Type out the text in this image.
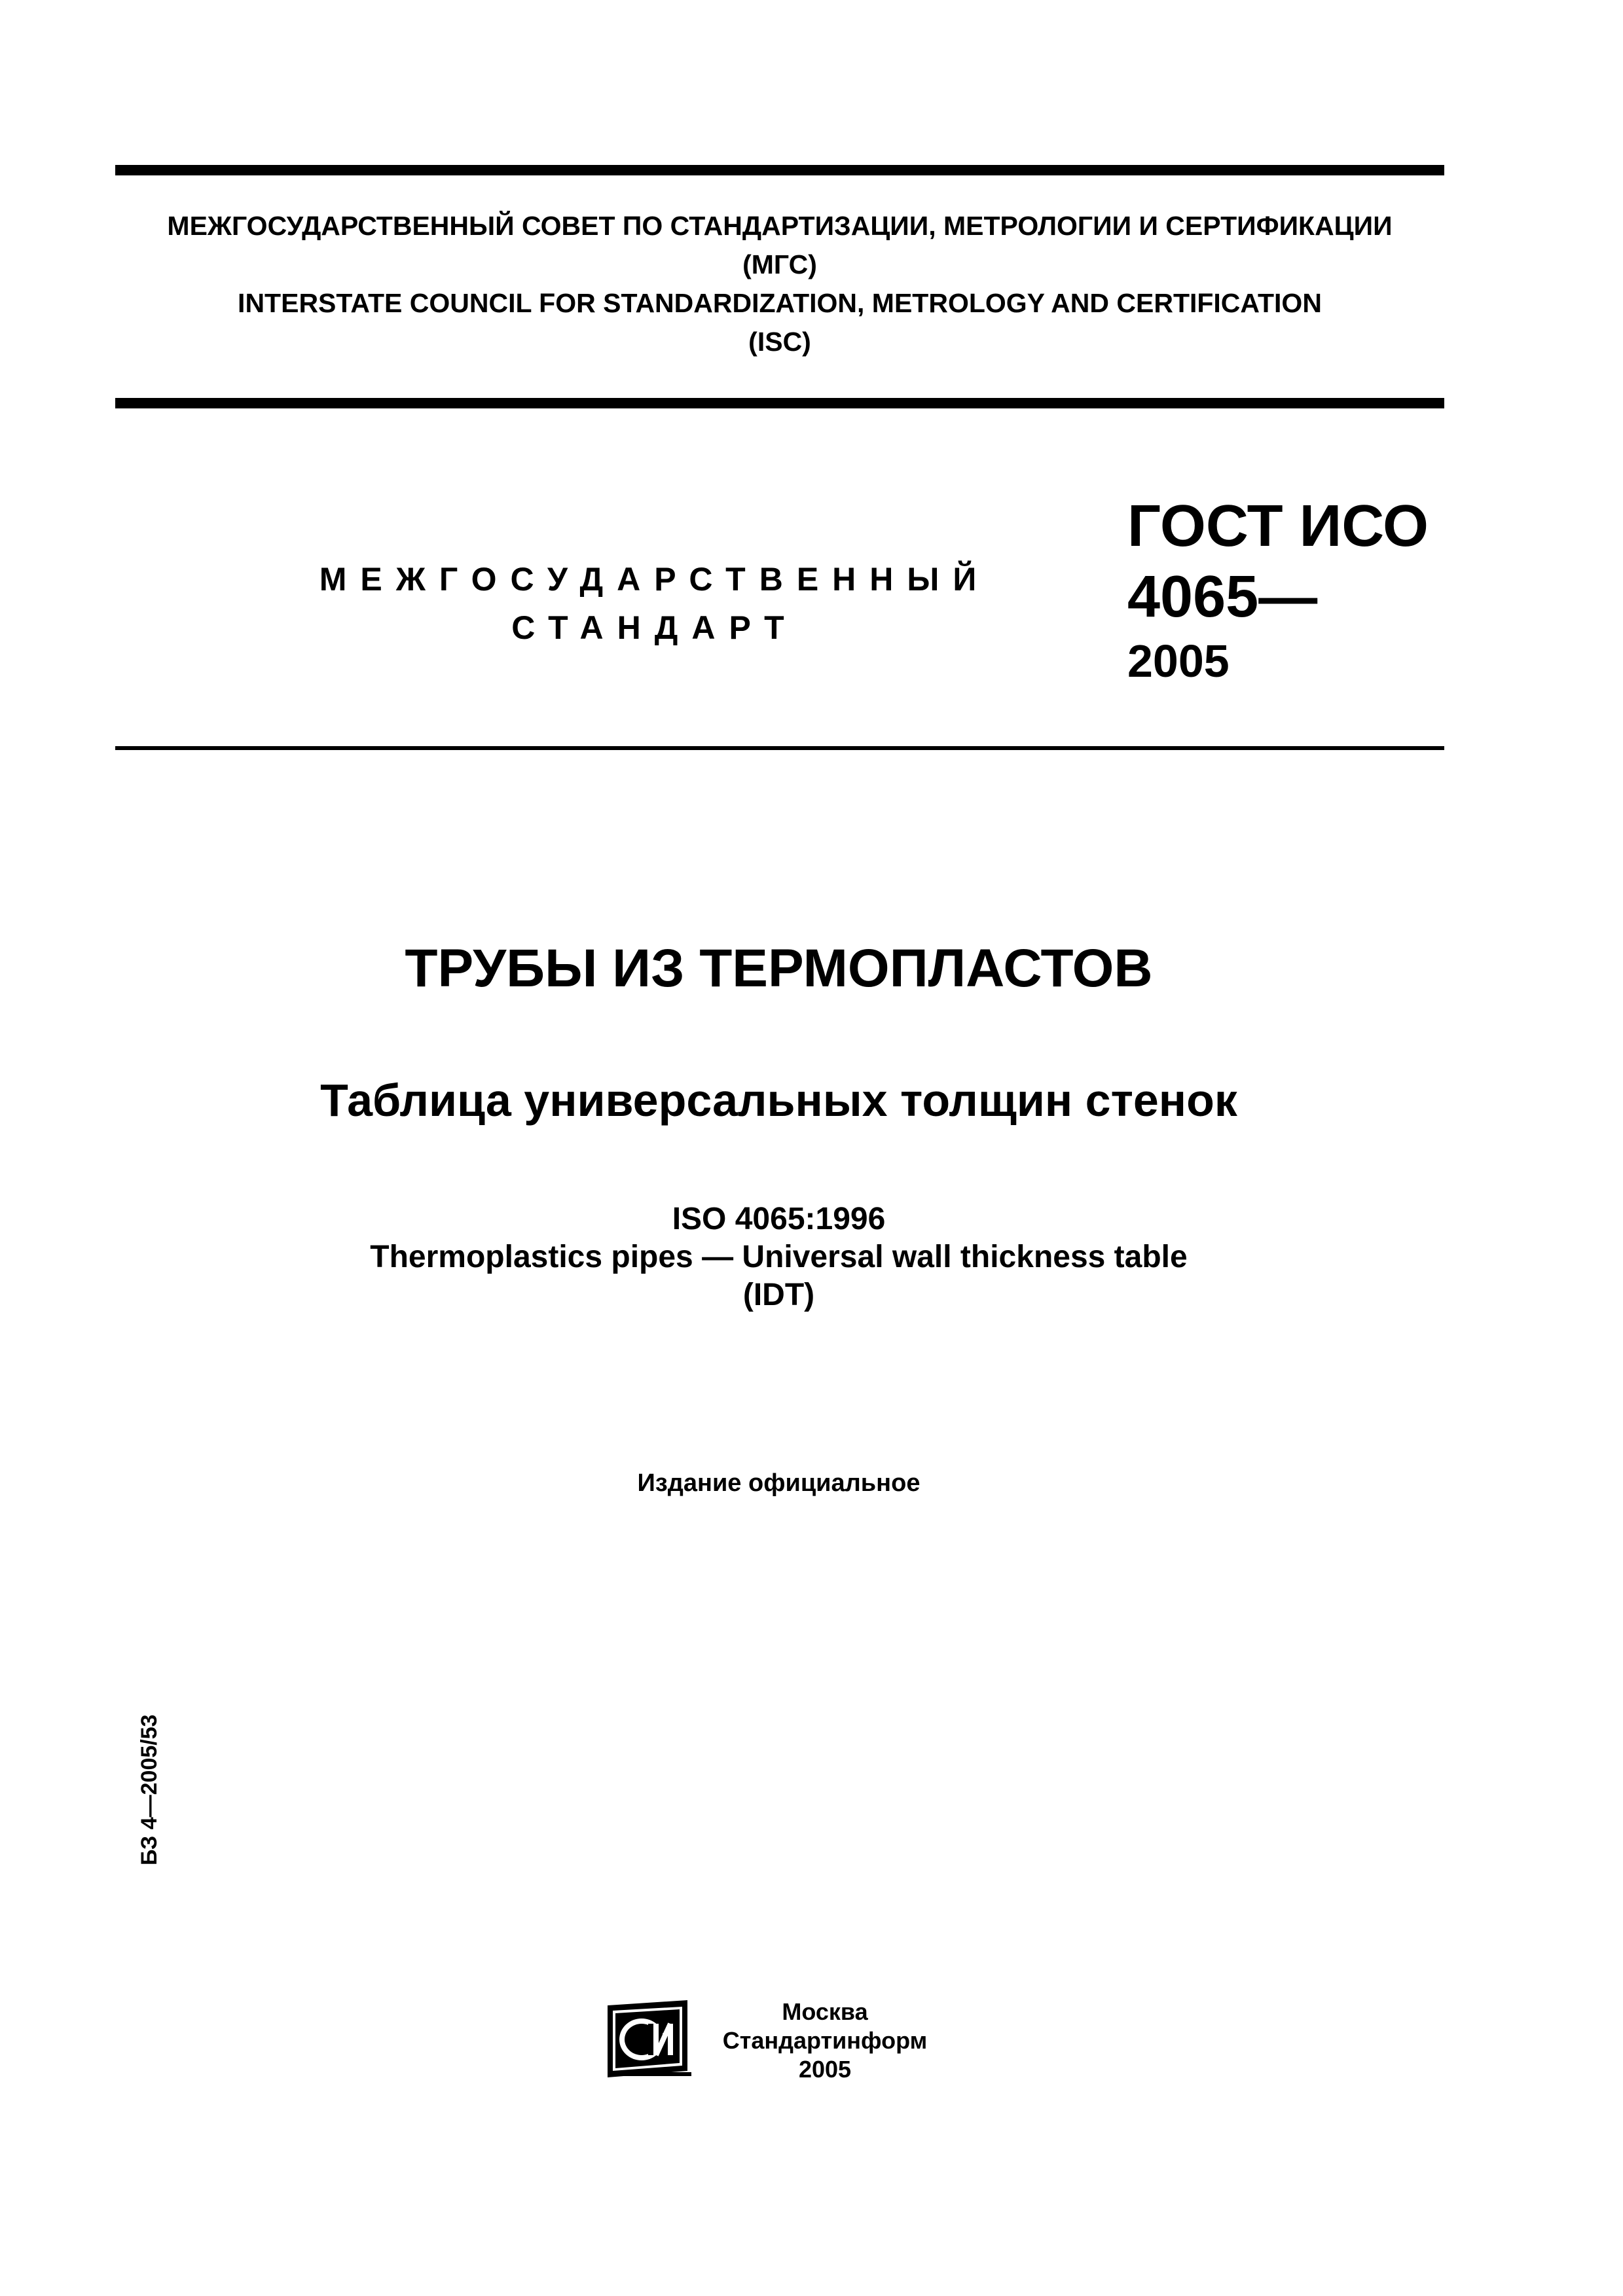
МЕЖГОСУДАРСТВЕННЫЙ СОВЕТ ПО СТАНДАРТИЗАЦИИ, МЕТРОЛОГИИ И СЕРТИФИКАЦИИ
(МГС)
INTERSTATE COUNCIL FOR STANDARDIZATION, METROLOGY AND CERTIFICATION
(ISC)
МЕЖГОСУДАРСТВЕННЫЙ
СТАНДАРТ
ГОСТ ИСО
4065—
2005
ТРУБЫ ИЗ ТЕРМОПЛАСТОВ
Таблица универсальных толщин стенок
ISO 4065:1996
Thermoplastics pipes — Universal wall thickness table
(IDT)
Издание официальное
БЗ 4—2005/53
Москва
Стандартинформ
2005
